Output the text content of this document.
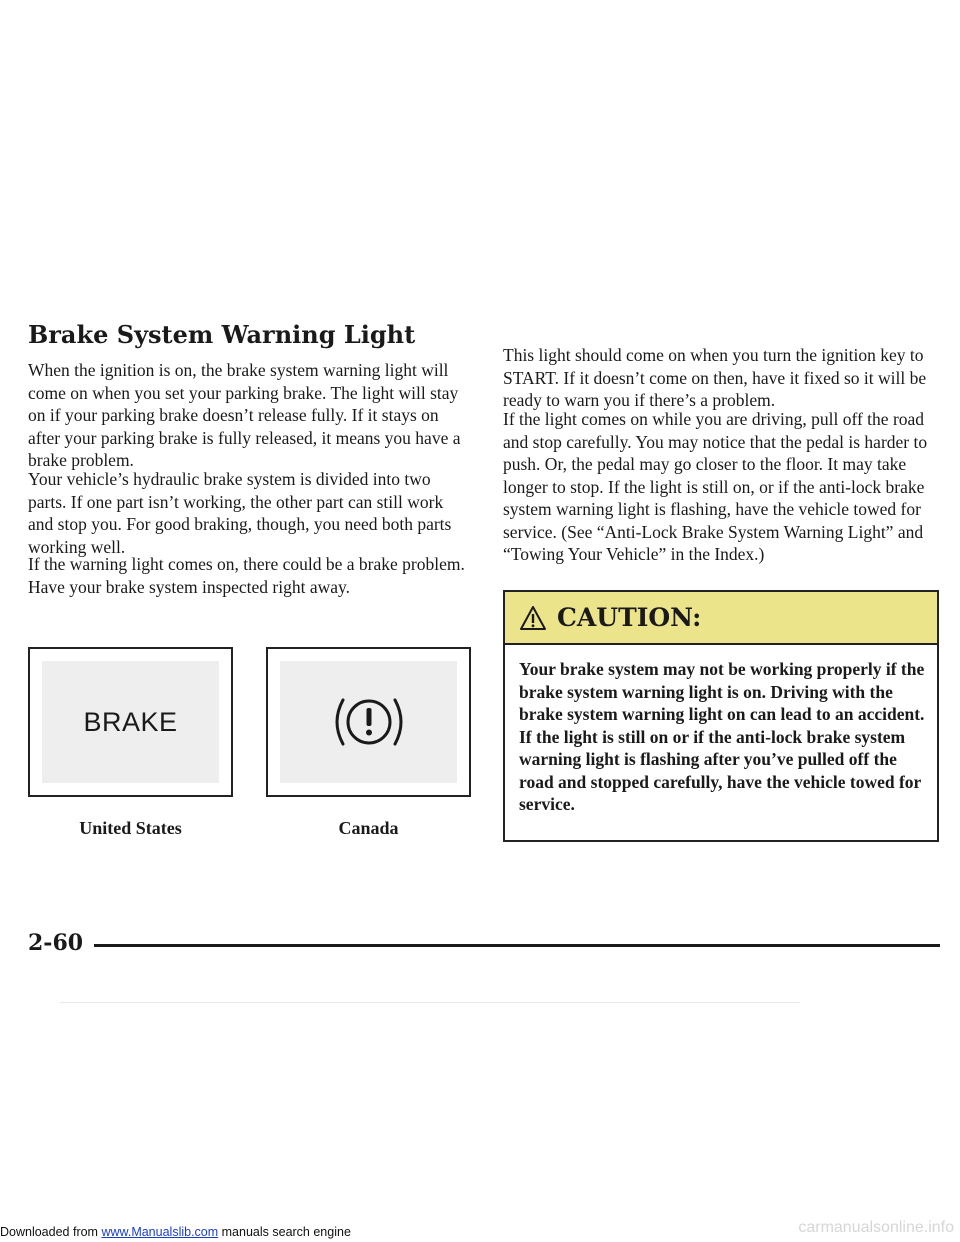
Brake System Warning Light

When the ignition is on, the brake system warning light will come on when you set your parking brake. The light will stay on if your parking brake doesn’t release fully. If it stays on after your parking brake is fully released, it means you have a brake problem.

Your vehicle’s hydraulic brake system is divided into two parts. If one part isn’t working, the other part can still work and stop you. For good braking, though, you need both parts working well.

If the warning light comes on, there could be a brake problem. Have your brake system inspected right away.

BRAKE
United States	Canada

This light should come on when you turn the ignition key to START. If it doesn’t come on then, have it fixed so it will be ready to warn you if there’s a problem.

If the light comes on while you are driving, pull off the road and stop carefully. You may notice that the pedal is harder to push. Or, the pedal may go closer to the floor. It may take longer to stop. If the light is still on, or if the anti-lock brake system warning light is flashing, have the vehicle towed for service. (See “Anti-Lock Brake System Warning Light” and “Towing Your Vehicle” in the Index.)

CAUTION:

Your brake system may not be working properly if the brake system warning light is on. Driving with the brake system warning light on can lead to an accident. If the light is still on or if the anti-lock brake system warning light is flashing after you’ve pulled off the road and stopped carefully, have the vehicle towed for service.

2-60

Downloaded from www.Manualslib.com manuals search engine	carmanualsonline.info
